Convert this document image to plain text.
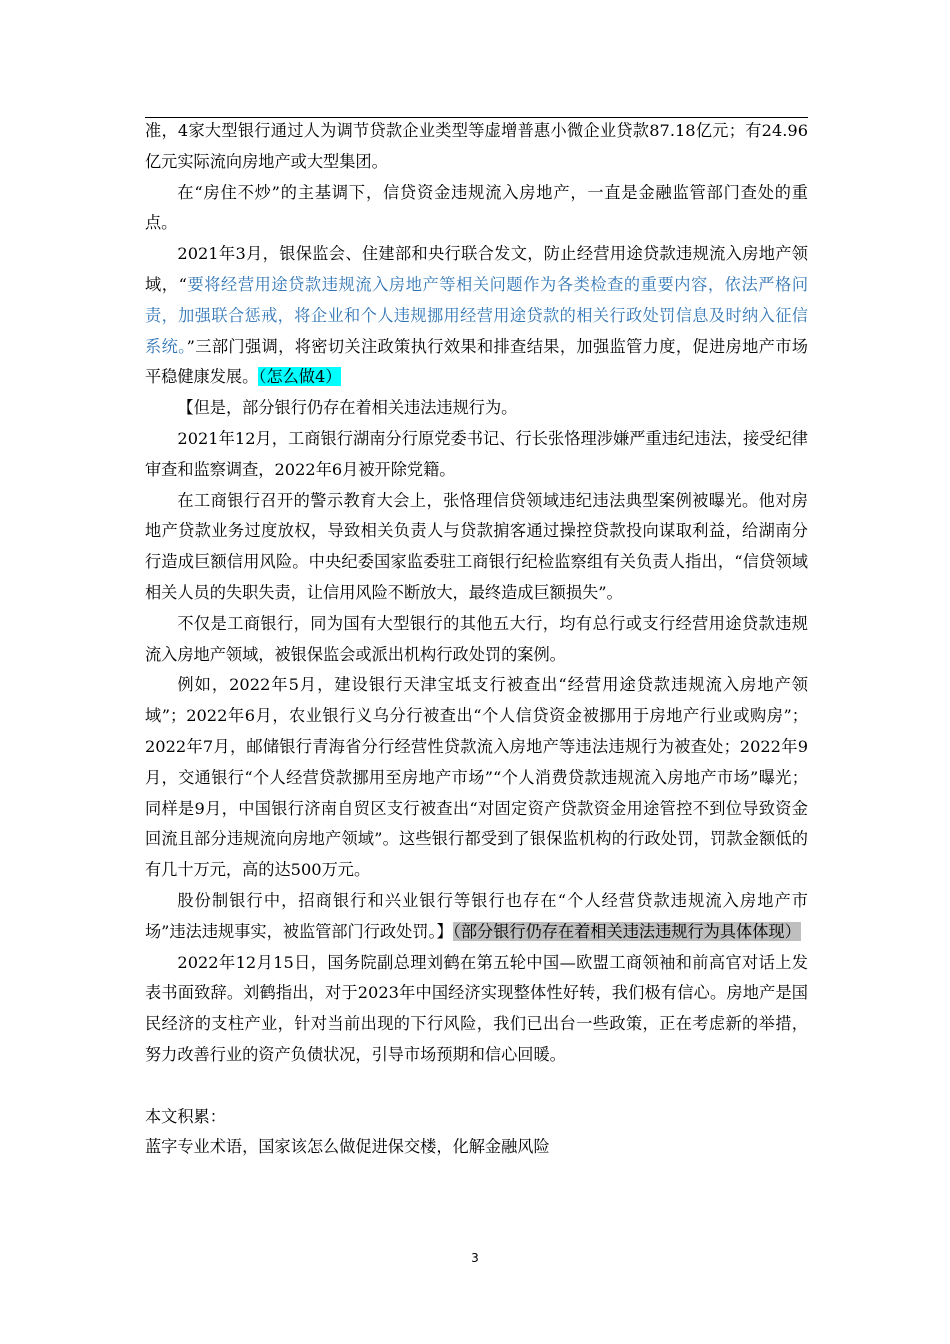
准，4家大型银行通过人为调节贷款企业类型等虚增普惠小微企业贷款87.18亿元；有24.96亿元实际流向房地产或大型集团。

在“房住不炒”的主基调下，信贷资金违规流入房地产，一直是金融监管部门查处的重点。

2021年3月，银保监会、住建部和央行联合发文，防止经营用途贷款违规流入房地产领域，“要将经营用途贷款违规流入房地产等相关问题作为各类检查的重要内容，依法严格问责，加强联合惩戒，将企业和个人违规挪用经营用途贷款的相关行政处罚信息及时纳入征信系统。”三部门强调，将密切关注政策执行效果和排查结果，加强监管力度，促进房地产市场平稳健康发展。（怎么做4）

【但是，部分银行仍存在着相关违法违规行为。

2021年12月，工商银行湖南分行原党委书记、行长张恪理涉嫌严重违纪违法，接受纪律审查和监察调查，2022年6月被开除党籍。

在工商银行召开的警示教育大会上，张恪理信贷领域违纪违法典型案例被曝光。他对房地产贷款业务过度放权，导致相关负责人与贷款掮客通过操控贷款投向谋取利益，给湖南分行造成巨额信用风险。中央纪委国家监委驻工商银行纪检监察组有关负责人指出，“信贷领域相关人员的失职失责，让信用风险不断放大，最终造成巨额损失”。

不仅是工商银行，同为国有大型银行的其他五大行，均有总行或支行经营用途贷款违规流入房地产领域，被银保监会或派出机构行政处罚的案例。

例如，2022年5月，建设银行天津宝坻支行被查出“经营用途贷款违规流入房地产领域”；2022年6月，农业银行义乌分行被查出“个人信贷资金被挪用于房地产行业或购房”；2022年7月，邮储银行青海省分行经营性贷款流入房地产等违法违规行为被查处；2022年9月，交通银行“个人经营贷款挪用至房地产市场”“个人消费贷款违规流入房地产市场”曝光；同样是9月，中国银行济南自贸区支行被查出“对固定资产贷款资金用途管控不到位导致资金回流且部分违规流向房地产领域”。这些银行都受到了银保监机构的行政处罚，罚款金额低的有几十万元，高的达500万元。

股份制银行中，招商银行和兴业银行等银行也存在“个人经营贷款违规流入房地产市场”违法违规事实，被监管部门行政处罚。】（部分银行仍存在着相关违法违规行为具体体现）

2022年12月15日，国务院副总理刘鹤在第五轮中国—欧盟工商领袖和前高官对话上发表书面致辞。刘鹤指出，对于2023年中国经济实现整体性好转，我们极有信心。房地产是国民经济的支柱产业，针对当前出现的下行风险，我们已出台一些政策，正在考虑新的举措，努力改善行业的资产负债状况，引导市场预期和信心回暖。

本文积累：

蓝字专业术语，国家该怎么做促进保交楼，化解金融风险

3
